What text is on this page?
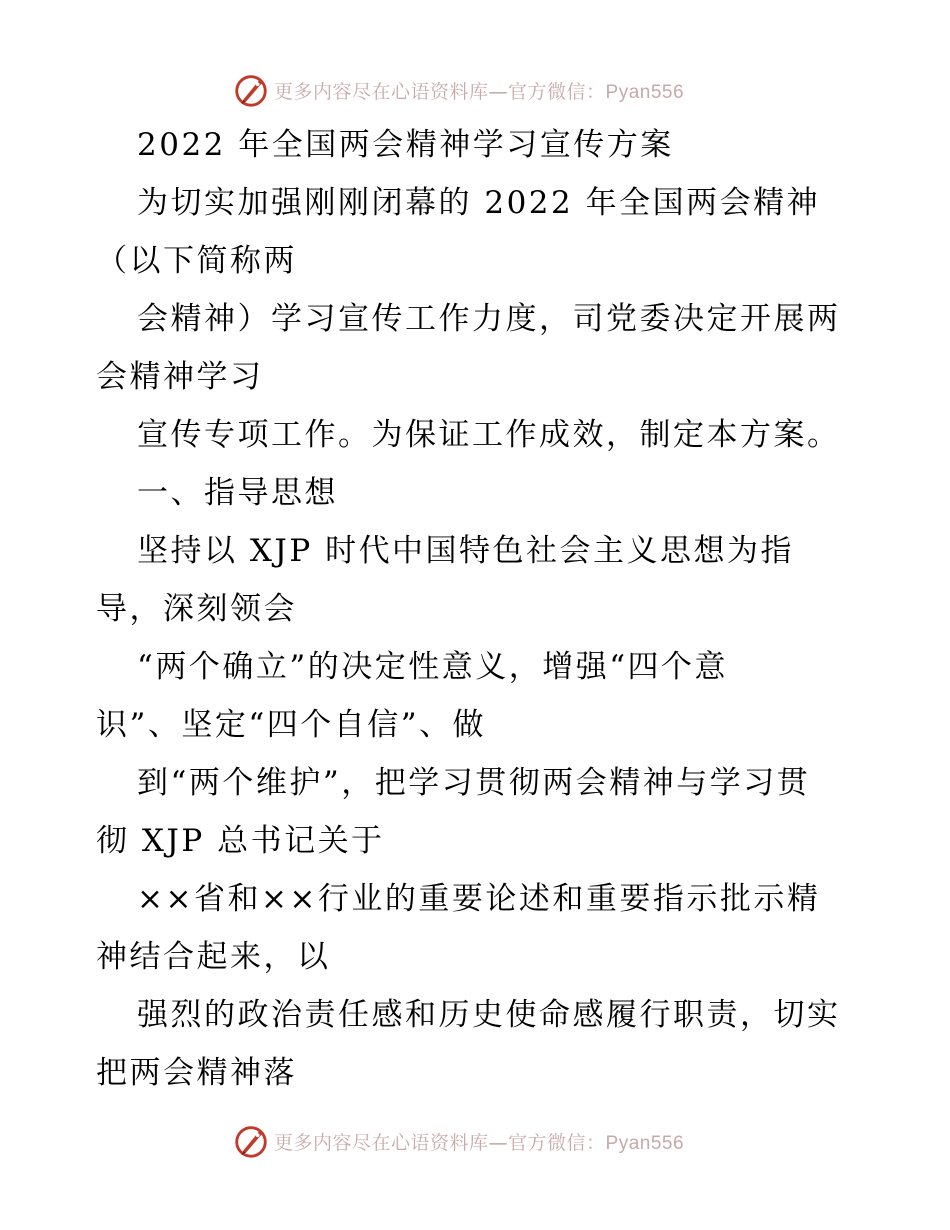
更多内容尽在心语资料库—官方微信：Pyan556
2022 年全国两会精神学习宣传方案
为切实加强刚刚闭幕的 2022 年全国两会精神
（以下简称两
会精神）学习宣传工作力度，司党委决定开展两
会精神学习
宣传专项工作。为保证工作成效，制定本方案。
一、指导思想
坚持以 XJP 时代中国特色社会主义思想为指
导，深刻领会
“两个确立”的决定性意义，增强“四个意
识”、坚定“四个自信”、做
到“两个维护”，把学习贯彻两会精神与学习贯
彻 XJP 总书记关于
××省和××行业的重要论述和重要指示批示精
神结合起来，以
强烈的政治责任感和历史使命感履行职责，切实
把两会精神落
更多内容尽在心语资料库—官方微信：Pyan556
